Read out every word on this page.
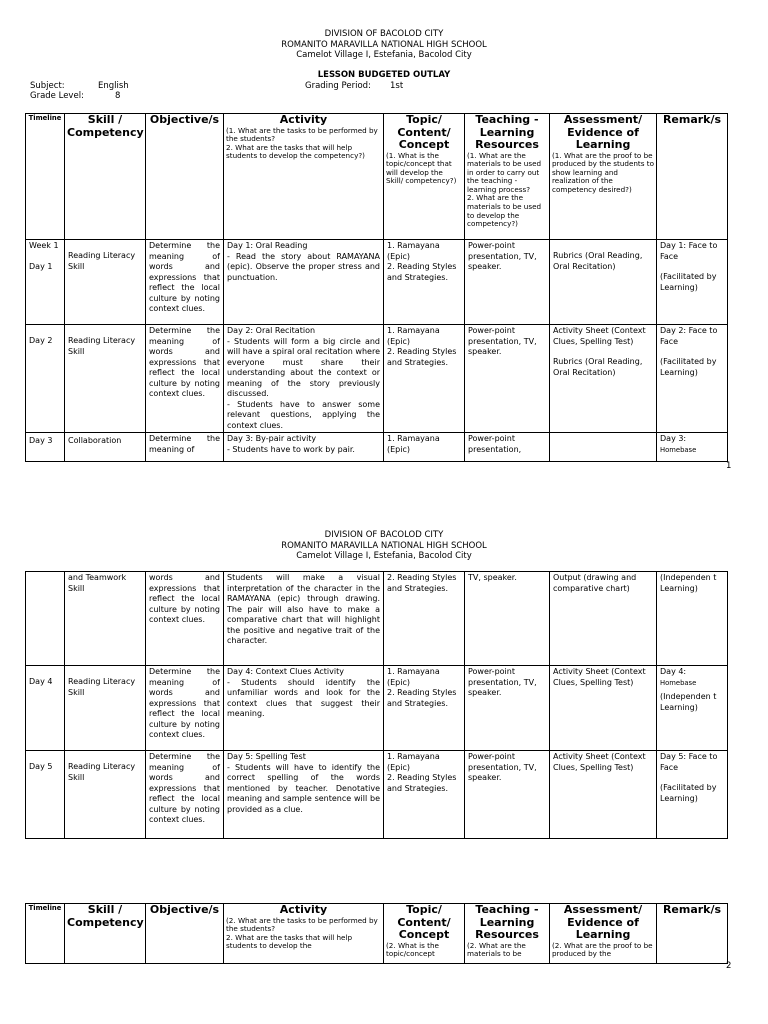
DIVISION OF BACOLOD CITY
ROMANITO MARAVILLA NATIONAL HIGH SCHOOL
Camelot Village I, Estefania, Bacolod City
LESSON BUDGETED OUTLAY
Subject:	English
Grade Level:	8
Grading Period: 1st
Timeline	Skill / Competency	Objective/s	Activity
(1. What are the tasks to be performed by the students?
2. What are the tasks that will help students to develop the competency?)	Topic/ Content/ Concept
(1. What is the topic/concept that will develop the Skill/ competency?)	Teaching - Learning Resources
(1. What are the materials to be used in order to carry out the teaching - learning process?
2. What are the materials to be used to develop the competency?)	Assessment/ Evidence of Learning
(1. What are the proof to be produced by the students to show learning and realization of the competency desired?)	Remark/s

Week 1
Day 1	Reading Literacy Skill	Determine the meaning of words and expressions that reflect the local culture by noting context clues.	Day 1: Oral Reading
- Read the story about RAMAYANA (epic). Observe the proper stress and punctuation.	1. Ramayana (Epic)
2. Reading Styles and Strategies.	Power-point presentation, TV, speaker.	Rubrics (Oral Reading, Oral Recitation)	Day 1: Face to Face
(Facilitated by Learning)

Day 2	Reading Literacy Skill	Determine the meaning of words and expressions that reflect the local culture by noting context clues.	Day 2: Oral Recitation
- Students will form a big circle and will have a spiral oral recitation where everyone must share their understanding about the context or meaning of the story previously discussed.
- Students have to answer some relevant questions, applying the context clues.	1. Ramayana (Epic)
2. Reading Styles and Strategies.	Power-point presentation, TV, speaker.	Activity Sheet (Context Clues, Spelling Test)
Rubrics (Oral Reading, Oral Recitation)	Day 2: Face to Face
(Facilitated by Learning)

Day 3	Collaboration	Determine the meaning of	Day 3: By-pair activity
- Students have to work by pair.	1. Ramayana (Epic)	Power-point presentation,		Day 3:
Homebase
1
DIVISION OF BACOLOD CITY
ROMANITO MARAVILLA NATIONAL HIGH SCHOOL
Camelot Village I, Estefania, Bacolod City
	and Teamwork Skill	words and expressions that reflect the local culture by noting context clues.	Students will make a visual interpretation of the character in the RAMAYANA (epic) through drawing. The pair will also have to make a comparative chart that will highlight the positive and negative trait of the character.	2. Reading Styles and Strategies.	TV, speaker.	Output (drawing and comparative chart)	(Independen t Learning)

Day 4	Reading Literacy Skill	Determine the meaning of words and expressions that reflect the local culture by noting context clues.	Day 4: Context Clues Activity
- Students should identify the unfamiliar words and look for the context clues that suggest their meaning.	1. Ramayana (Epic)
2. Reading Styles and Strategies.	Power-point presentation, TV, speaker.	Activity Sheet (Context Clues, Spelling Test)	Day 4:
Homebase
(Independen t Learning)

Day 5	Reading Literacy Skill	Determine the meaning of words and expressions that reflect the local culture by noting context clues.	Day 5: Spelling Test
- Students will have to identify the correct spelling of the words mentioned by teacher. Denotative meaning and sample sentence will be provided as a clue.	1. Ramayana (Epic)
2. Reading Styles and Strategies.	Power-point presentation, TV, speaker.	Activity Sheet (Context Clues, Spelling Test)	Day 5: Face to Face
(Facilitated by Learning)
Timeline	Skill / Competency	Objective/s	Activity
(2. What are the tasks to be performed by the students?
2. What are the tasks that will help students to develop the
	Topic/ Content/ Concept
(2. What is the topic/concept
	Teaching - Learning Resources
(2. What are the materials to be
	Assessment/ Evidence of Learning
(2. What are the proof to be produced by the
	Remark/s
2
